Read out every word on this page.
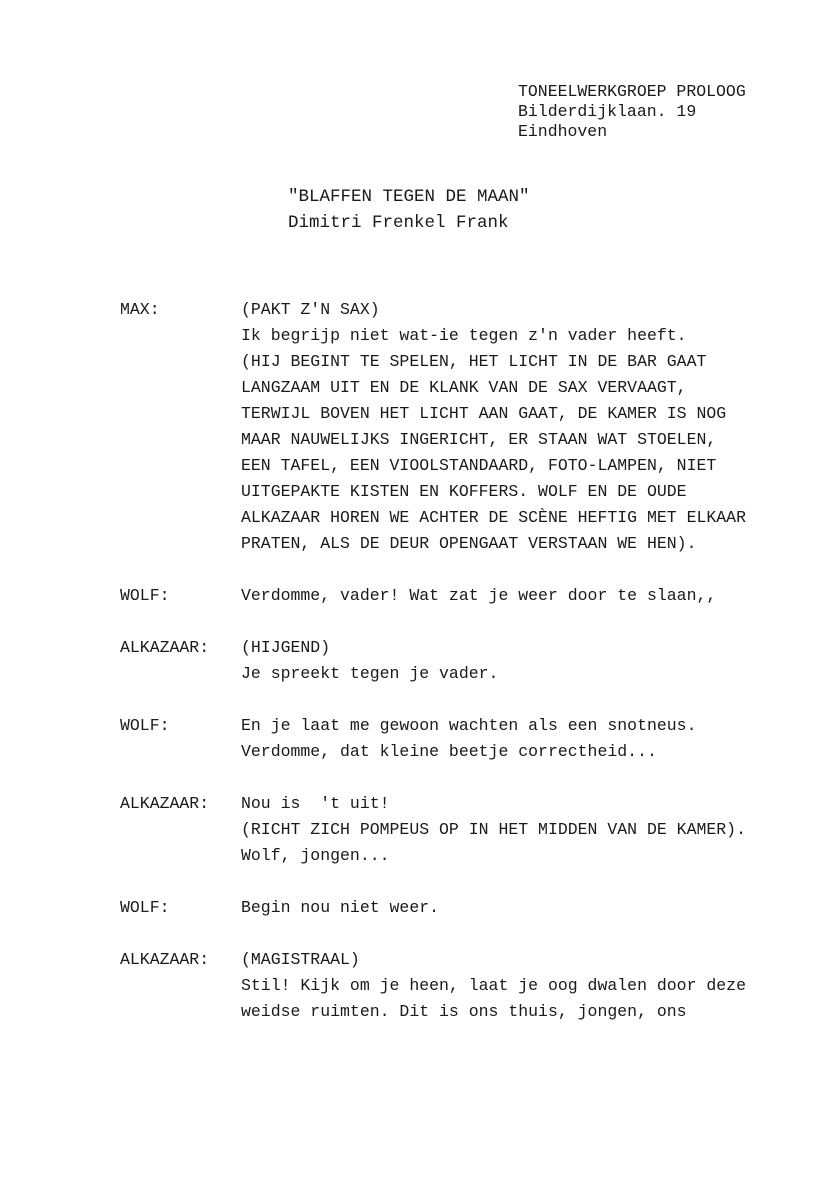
TONEELWERKGROEP PROLOOG
Bilderdijklaan. 19
Eindhoven
"BLAFFEN TEGEN DE MAAN"
Dimitri Frenkel Frank
MAX:	(PAKT Z'N SAX)
Ik begrijp niet wat-ie tegen z'n vader heeft.
(HIJ BEGINT TE SPELEN, HET LICHT IN DE BAR GAAT
LANGZAAM UIT EN DE KLANK VAN DE SAX VERVAAGT,
TERWIJL BOVEN HET LICHT AAN GAAT, DE KAMER IS NOG
MAAR NAUWELIJKS INGERICHT, ER STAAN WAT STOELEN,
EEN TAFEL, EEN VIOOLSTANDAARD, FOTO-LAMPEN, NIET
UITGEPAKTE KISTEN EN KOFFERS. WOLF EN DE OUDE
ALKAZAAR HOREN WE ACHTER DE SCÈNE HEFTIG MET ELKAAR
PRATEN, ALS DE DEUR OPENGAAT VERSTAAN WE HEN).
WOLF:	Verdomme, vader! Wat zat je weer door te slaan,,
ALKAZAAR:	(HIJGEND)
Je spreekt tegen je vader.
WOLF:	En je laat me gewoon wachten als een snotneus.
Verdomme, dat kleine beetje correctheid...
ALKAZAAR:	Nou is  't uit!
(RICHT ZICH POMPEUS OP IN HET MIDDEN VAN DE KAMER).
Wolf, jongen...
WOLF:	Begin nou niet weer.
ALKAZAAR:	(MAGISTRAAL)
Stil! Kijk om je heen, laat je oog dwalen door deze
weidse ruimten. Dit is ons thuis, jongen, ons
